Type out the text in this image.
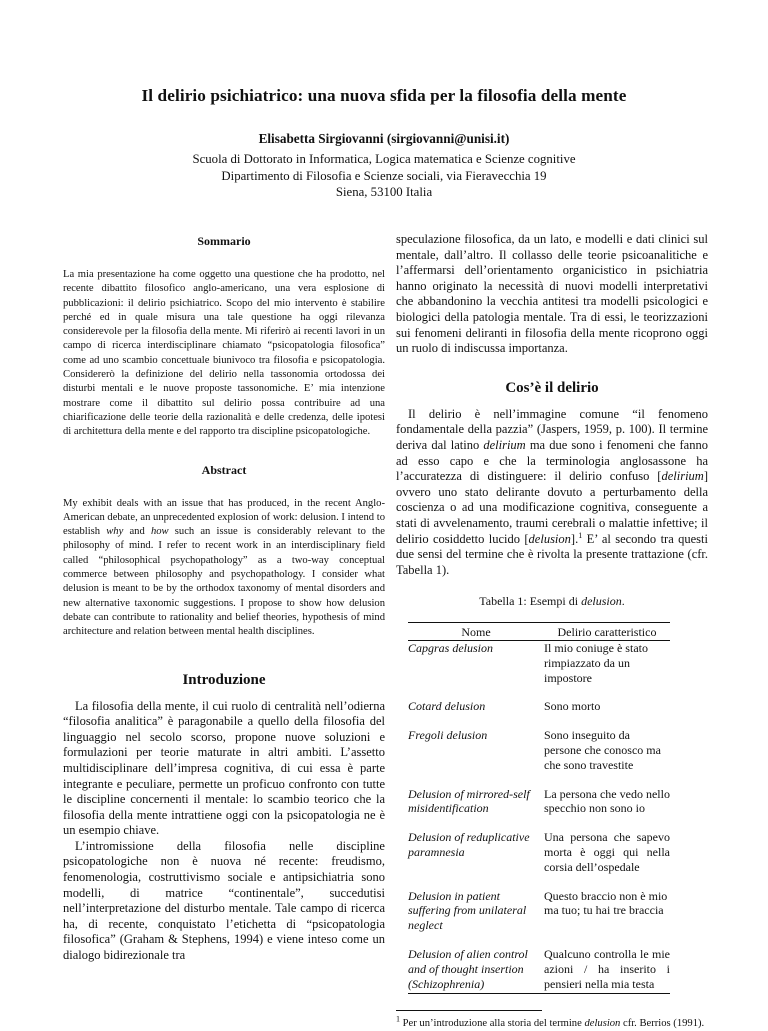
Il delirio psichiatrico: una nuova sfida per la filosofia della mente
Elisabetta Sirgiovanni (sirgiovanni@unisi.it)
Scuola di Dottorato in Informatica, Logica matematica e Scienze cognitive
Dipartimento di Filosofia e Scienze sociali, via Fieravecchia 19
Siena, 53100 Italia
Sommario

La mia presentazione ha come oggetto una questione che ha prodotto, nel recente dibattito filosofico anglo-americano, una vera esplosione di pubblicazioni: il delirio psichiatrico. Scopo del mio intervento è stabilire perché ed in quale misura una tale questione ha oggi rilevanza considerevole per la filosofia della mente. Mi riferirò ai recenti lavori in un campo di ricerca interdisciplinare chiamato “psicopatologia filosofica” come ad uno scambio concettuale biunivoco tra filosofia e psicopatologia. Considererò la definizione del delirio nella tassonomia ortodossa dei disturbi mentali e le nuove proposte tassonomiche. E’ mia intenzione mostrare come il dibattito sul delirio possa contribuire ad una chiarificazione delle teorie della razionalità e delle credenza, delle ipotesi di architettura della mente e del rapporto tra discipline psicopatologiche.

Abstract

My exhibit deals with an issue that has produced, in the recent Anglo-American debate, an unprecedented explosion of work: delusion. I intend to establish why and how such an issue is considerably relevant to the philosophy of mind. I refer to recent work in an interdisciplinary field called “philosophical psychopathology” as a two-way conceptual commerce between philosophy and psychopathology. I consider what delusion is meant to be by the orthodox taxonomy of mental disorders and new alternative taxonomic suggestions. I propose to show how delusion debate can contribute to rationality and belief theories, hypothesis of mind architecture and relation between mental health disciplines.

Introduzione

La filosofia della mente, il cui ruolo di centralità nell’odierna “filosofia analitica” è paragonabile a quello della filosofia del linguaggio nel secolo scorso, propone nuove soluzioni e formulazioni per teorie maturate in altri ambiti. L’assetto multidisciplinare dell’impresa cognitiva, di cui essa è parte integrante e peculiare, permette un proficuo confronto con tutte le discipline concernenti il mentale: lo scambio teorico che la filosofia della mente intrattiene oggi con la psicopatologia ne è un esempio chiave.

L’intromissione della filosofia nelle discipline psicopatologiche non è nuova né recente: freudismo, fenomenologia, costruttivismo sociale e antipsichiatria sono modelli, di matrice “continentale”, succedutisi nell’interpretazione del disturbo mentale. Tale campo di ricerca ha, di recente, conquistato l’etichetta di “psicopatologia filosofica” (Graham & Stephens, 1994) e viene inteso come un dialogo bidirezionale tra

speculazione filosofica, da un lato, e modelli e dati clinici sul mentale, dall’altro. Il collasso delle teorie psicoanalitiche e l’affermarsi dell’orientamento organicistico in psichiatria hanno originato la necessità di nuovi modelli interpretativi che abbandonino la vecchia antitesi tra modelli psicologici e biologici della patologia mentale. Tra di essi, le teorizzazioni sui fenomeni deliranti in filosofia della mente ricoprono oggi un ruolo di indiscussa importanza.

Cos’è il delirio

Il delirio è nell’immagine comune “il fenomeno fondamentale della pazzia” (Jaspers, 1959, p. 100). Il termine deriva dal latino delirium ma due sono i fenomeni che fanno ad esso capo e che la terminologia anglosassone ha l’accuratezza di distinguere: il delirio confuso [delirium] ovvero uno stato delirante dovuto a perturbamento della coscienza o ad una modificazione cognitiva, conseguente a stati di avvelenamento, traumi cerebrali o malattie infettive; il delirio cosiddetto lucido [delusion].$^1$ E’ al secondo tra questi due sensi del termine che è rivolta la presente trattazione (cfr. Tabella 1).

Tabella 1: Esempi di delusion.

Nome	Delirio caratteristico
Capgras delusion	Il mio coniuge è stato rimpiazzato da un impostore
Cotard delusion	Sono morto
Fregoli delusion	Sono inseguito da persone che conosco ma che sono travestite
Delusion of mirrored-self misidentification	La persona che vedo nello specchio non sono io
Delusion of reduplicative paramnesia	Una persona che sapevo morta è oggi qui nella corsia dell’ospedale
Delusion in patient suffering from unilateral neglect	Questo braccio non è mio ma tuo; tu hai tre braccia
Delusion of alien control and of thought insertion (Schizophrenia)	Qualcuno controlla le mie azioni / ha inserito i pensieri nella mia testa

$^1$ Per un’introduzione alla storia del termine delusion cfr. Berrios (1991).
